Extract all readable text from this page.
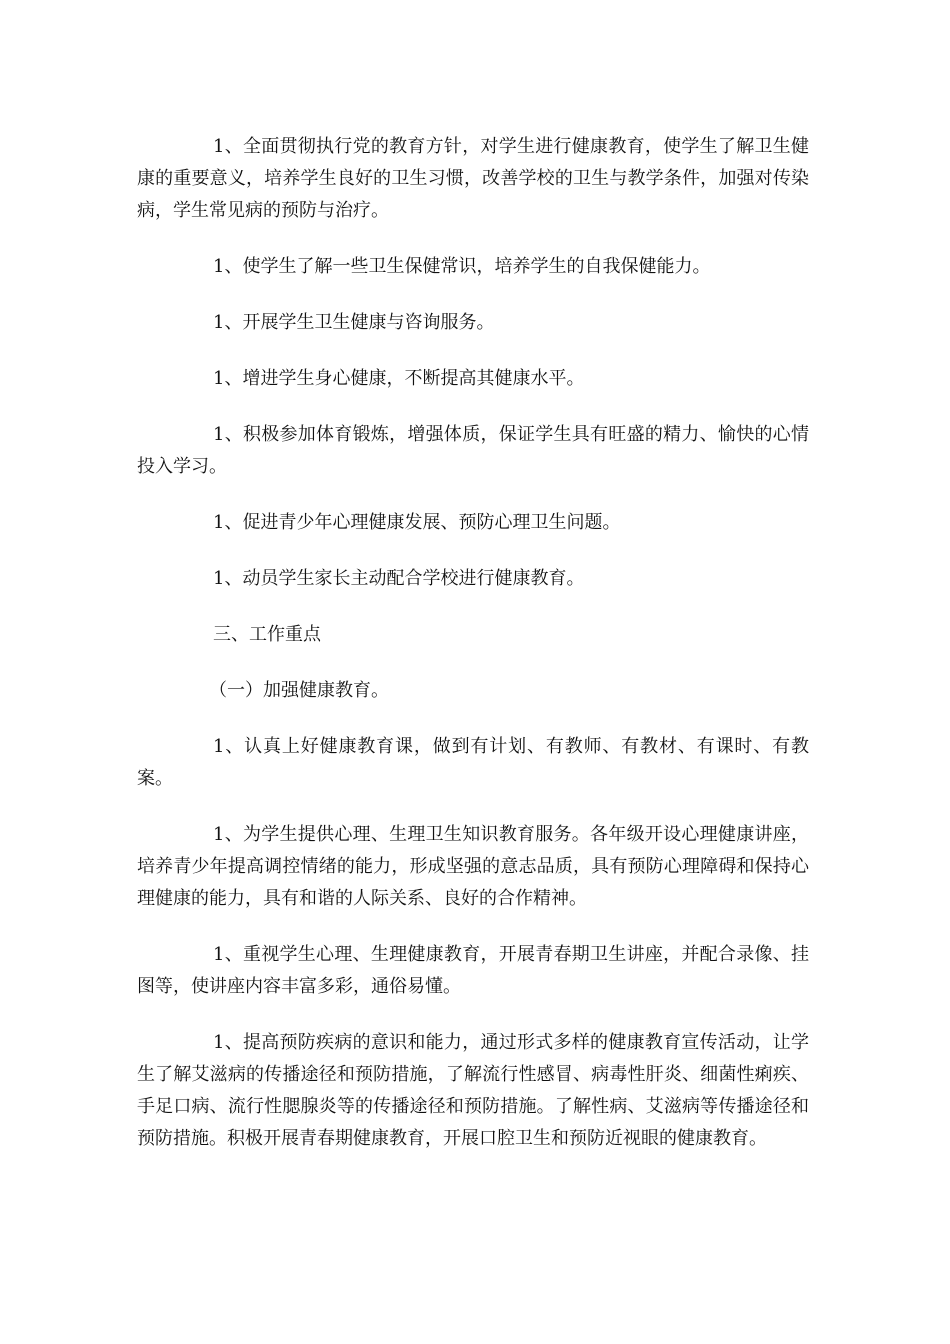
1、全面贯彻执行党的教育方针，对学生进行健康教育，使学生了解卫生健康的重要意义，培养学生良好的卫生习惯，改善学校的卫生与教学条件，加强对传染病，学生常见病的预防与治疗。

1、使学生了解一些卫生保健常识，培养学生的自我保健能力。

1、开展学生卫生健康与咨询服务。

1、增进学生身心健康，不断提高其健康水平。

1、积极参加体育锻炼，增强体质，保证学生具有旺盛的精力、愉快的心情投入学习。

1、促进青少年心理健康发展、预防心理卫生问题。

1、动员学生家长主动配合学校进行健康教育。

三、工作重点

（一）加强健康教育。

1、认真上好健康教育课，做到有计划、有教师、有教材、有课时、有教案。

1、为学生提供心理、生理卫生知识教育服务。各年级开设心理健康讲座，培养青少年提高调控情绪的能力，形成坚强的意志品质，具有预防心理障碍和保持心理健康的能力，具有和谐的人际关系、良好的合作精神。

1、重视学生心理、生理健康教育，开展青春期卫生讲座，并配合录像、挂图等，使讲座内容丰富多彩，通俗易懂。

1、提高预防疾病的意识和能力，通过形式多样的健康教育宣传活动，让学生了解艾滋病的传播途径和预防措施，了解流行性感冒、病毒性肝炎、细菌性痢疾、手足口病、流行性腮腺炎等的传播途径和预防措施。了解性病、艾滋病等传播途径和预防措施。积极开展青春期健康教育，开展口腔卫生和预防近视眼的健康教育。
